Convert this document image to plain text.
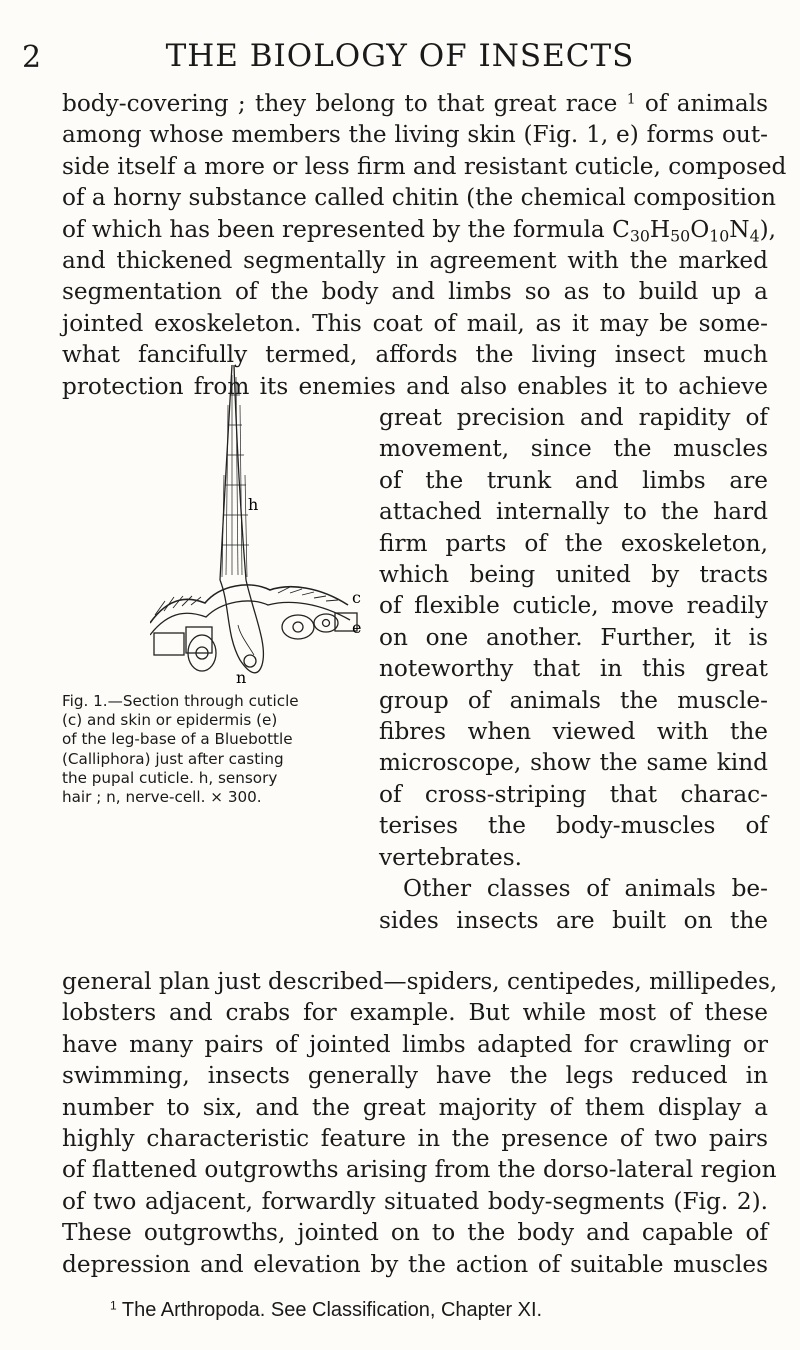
2	THE BIOLOGY OF INSECTS
body-covering ; they belong to that great race $^1$ of animals
among whose members the living skin (Fig. 1, e) forms out-
side itself a more or less firm and resistant cuticle, composed
of a horny substance called chitin (the chemical composition
of which has been represented by the formula $C_{30}H_{50}O_{10}N_4$),
and thickened segmentally in agreement with the marked
segmentation of the body and limbs so as to build up a
jointed exoskeleton. This coat of mail, as it may be some-
what fancifully termed, affords the living insect much
protection from its enemies and also enables it to achieve
great precision and rapidity of
movement, since the muscles
of the trunk and limbs are
attached internally to the hard
firm parts of the exoskeleton,
which being united by tracts
of flexible cuticle, move readily
on one another. Further, it is
noteworthy that in this great
group of animals the muscle-
fibres when viewed with the
microscope, show the same kind
of cross-striping that charac-
terises the body-muscles of
vertebrates.
Other classes of animals be-
sides insects are built on the
h
c
e
n
Fig. 1.—Section through cuticle
(c) and skin or epidermis (e)
of the leg-base of a Bluebottle
(Calliphora) just after casting
the pupal cuticle. h, sensory
hair ; n, nerve-cell. × 300.
general plan just described—spiders, centipedes, millipedes,
lobsters and crabs for example. But while most of these
have many pairs of jointed limbs adapted for crawling or
swimming, insects generally have the legs reduced in
number to six, and the great majority of them display a
highly characteristic feature in the presence of two pairs
of flattened outgrowths arising from the dorso-lateral region
of two adjacent, forwardly situated body-segments (Fig. 2).
These outgrowths, jointed on to the body and capable of
depression and elevation by the action of suitable muscles
$^1$ The Arthropoda. See Classification, Chapter XI.
